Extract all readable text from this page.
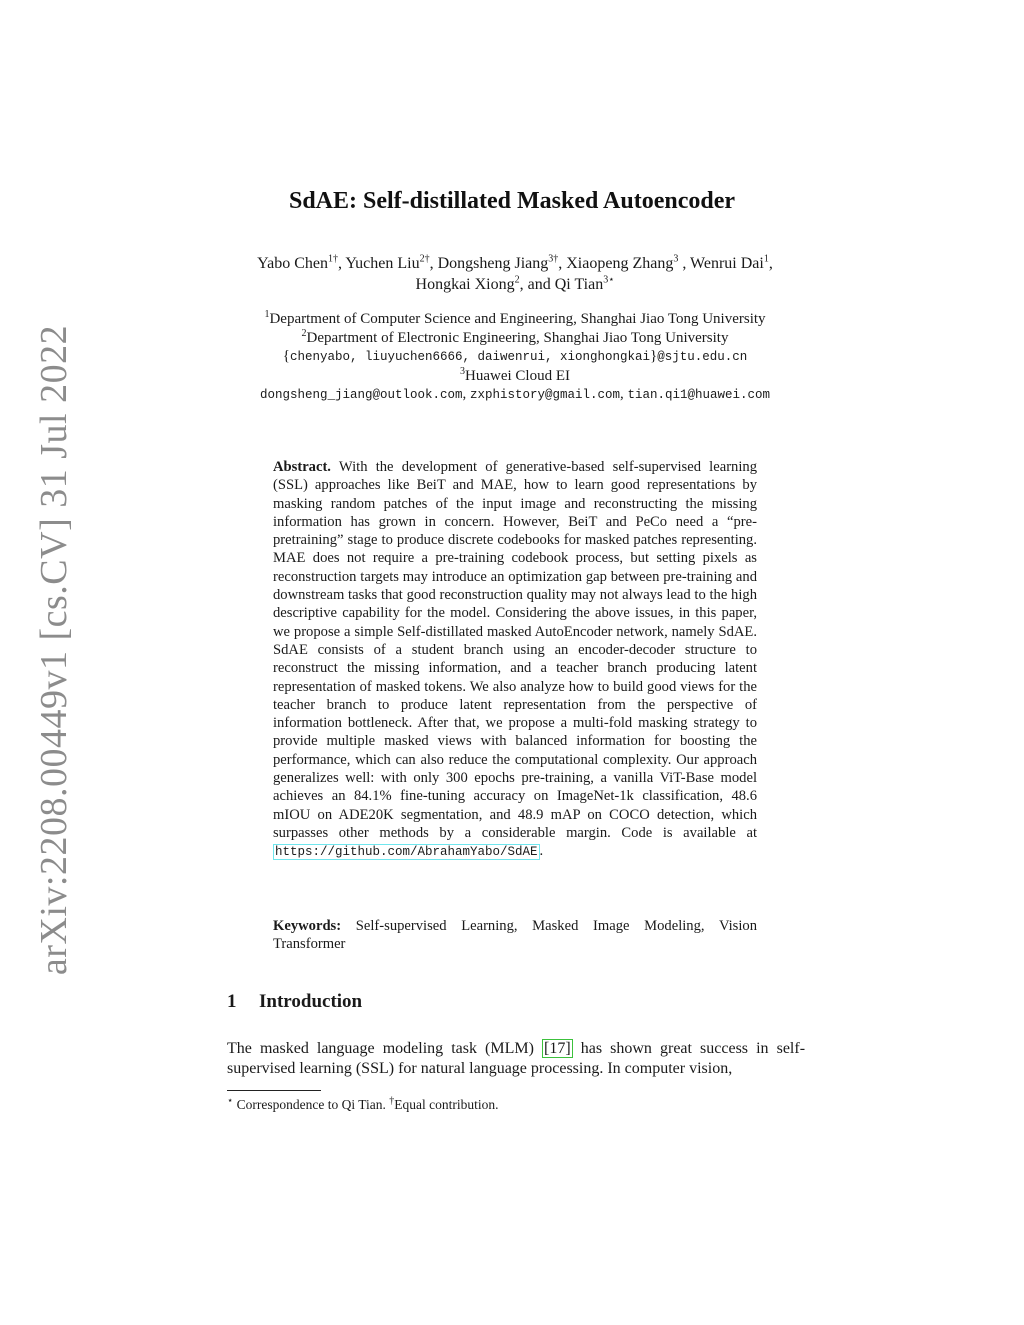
arXiv:2208.00449v1 [cs.CV] 31 Jul 2022
SdAE: Self-distillated Masked Autoencoder
Yabo Chen$^{1\dagger}$, Yuchen Liu$^{2\dagger}$, Dongsheng Jiang$^{3\dagger}$, Xiaopeng Zhang$^3$ , Wenrui Dai$^1$, Hongkai Xiong$^2$, and Qi Tian$^{3⋆}$
$^1$Department of Computer Science and Engineering, Shanghai Jiao Tong University
$^2$Department of Electronic Engineering, Shanghai Jiao Tong University
{chenyabo, liuyuchen6666, daiwenrui, xionghongkai}@sjtu.edu.cn
$^3$Huawei Cloud EI
dongsheng_jiang@outlook.com, zxphistory@gmail.com, tian.qi1@huawei.com
Abstract. With the development of generative-based self-supervised learning (SSL) approaches like BeiT and MAE, how to learn good representations by masking random patches of the input image and reconstructing the missing information has grown in concern. However, BeiT and PeCo need a “pre-pretraining” stage to produce discrete codebooks for masked patches representing. MAE does not require a pre-training codebook process, but setting pixels as reconstruction targets may introduce an optimization gap between pre-training and downstream tasks that good reconstruction quality may not always lead to the high descriptive capability for the model. Considering the above issues, in this paper, we propose a simple Self-distillated masked AutoEncoder network, namely SdAE. SdAE consists of a student branch using an encoder-decoder structure to reconstruct the missing information, and a teacher branch producing latent representation of masked tokens. We also analyze how to build good views for the teacher branch to produce latent representation from the perspective of information bottleneck. After that, we propose a multi-fold masking strategy to provide multiple masked views with balanced information for boosting the performance, which can also reduce the computational complexity. Our approach generalizes well: with only 300 epochs pre-training, a vanilla ViT-Base model achieves an 84.1% fine-tuning accuracy on ImageNet-1k classification, 48.6 mIOU on ADE20K segmentation, and 48.9 mAP on COCO detection, which surpasses other methods by a considerable margin. Code is available at https://github.com/AbrahamYabo/SdAE .
Keywords: Self-supervised Learning, Masked Image Modeling, Vision Transformer
1 Introduction
The masked language modeling task (MLM) [17] has shown great success in self-supervised learning (SSL) for natural language processing. In computer vision,
⋆ Correspondence to Qi Tian. †Equal contribution.
